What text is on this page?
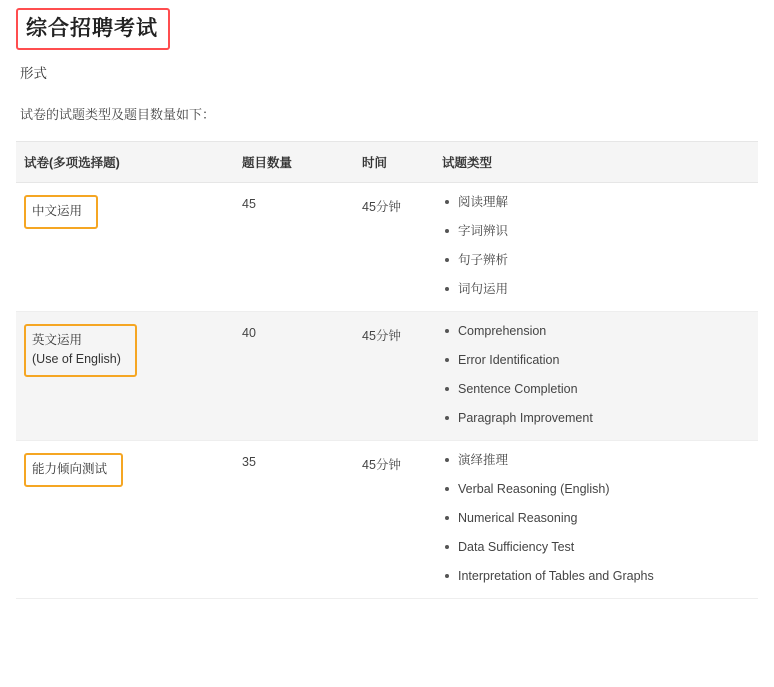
综合招聘考试
形式
试卷的试题类型及题目数量如下：
试卷(多项选择题)	题目数量	时间	试题类型
中文运用	45	45分钟	阅读理解
字词辨识
句子辨析
词句运用

英文运用
(Use of English)
	40	45分钟	Comprehension
Error Identification
Sentence Completion
Paragraph Improvement

能力倾向测试	35	45分钟	演绎推理
Verbal Reasoning (English)
Numerical Reasoning
Data Sufficiency Test
Interpretation of Tables and Graphs
